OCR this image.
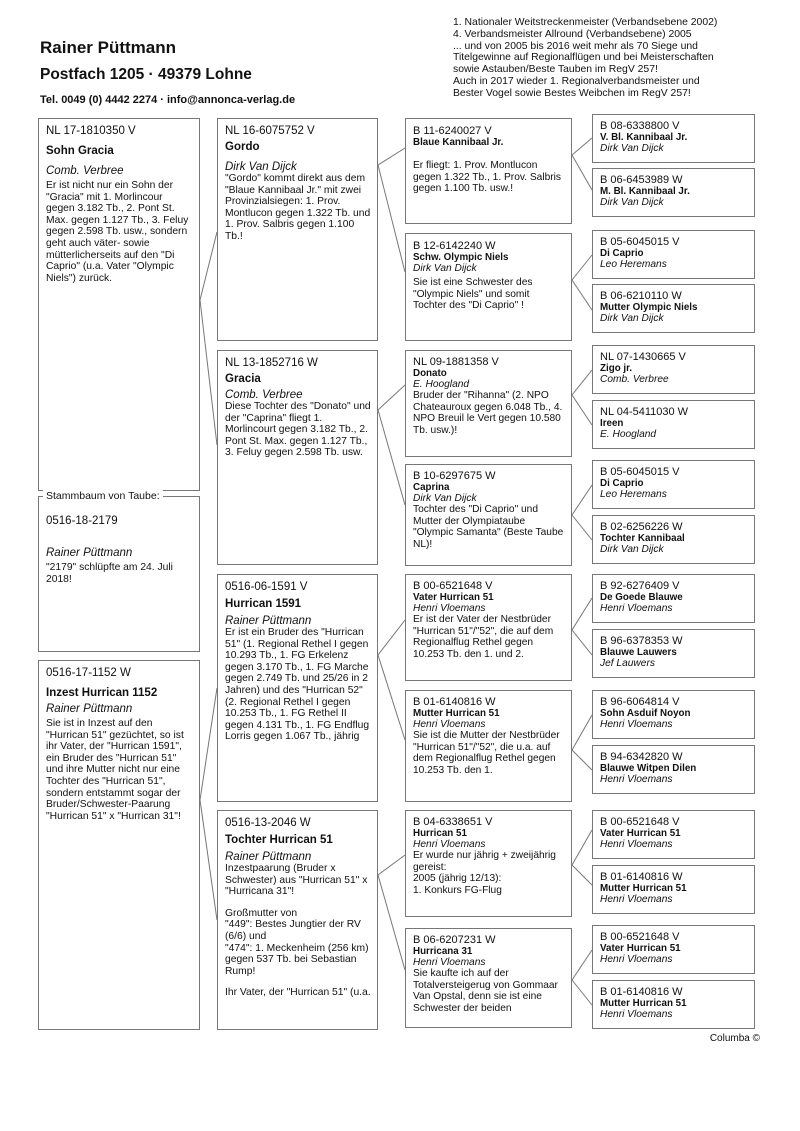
Rainer Püttmann
Postfach 1205 · 49379 Lohne
Tel. 0049 (0) 4442 2274 · info@annonca-verlag.de
1. Nationaler Weitstreckenmeister (Verbandsebene 2002)
4. Verbandsmeister Allround (Verbandsebene) 2005
... und von 2005 bis 2016 weit mehr als 70 Siege und
Titelgewinne auf Regionalflügen und bei Meisterschaften
sowie Astauben/Beste Tauben im RegV 257!
Auch in 2017 wieder 1. Regionalverbandsmeister und
Bester Vogel sowie Bestes Weibchen im RegV 257!
NL 17-1810350 V
Sohn Gracia
Comb. Verbree
Er ist nicht nur ein Sohn der "Gracia" mit 1. Morlincour gegen 3.182 Tb., 2. Pont St. Max. gegen 1.127 Tb., 3. Feluy gegen 2.598 Tb. usw., sondern geht auch väter- sowie mütterlicherseits auf den "Di Caprio" (u.a. Vater "Olympic Niels") zurück.
0516-18-2179
Rainer Püttmann
"2179" schlüpfte am 24. Juli 2018!
Stammbaum von Taube:
0516-17-1152 W
Inzest Hurrican 1152
Rainer Püttmann
Sie ist in Inzest auf den "Hurrican 51" gezüchtet, so ist ihr Vater, der "Hurrican 1591", ein Bruder des "Hurrican 51" und ihre Mutter nicht nur eine Tochter des "Hurrican 51", sondern entstammt sogar der Bruder/Schwester-Paarung "Hurrican 51" x "Hurrican 31"!
NL 16-6075752 V
Gordo
Dirk Van Dijck
"Gordo" kommt direkt aus dem "Blaue Kannibaal Jr." mit zwei Provinzialsiegen: 1. Prov. Montlucon gegen 1.322 Tb. und 1. Prov. Salbris gegen 1.100 Tb.!
NL 13-1852716 W
Gracia
Comb. Verbree
Diese Tochter des "Donato" und der "Caprina" fliegt 1. Morlincourt gegen 3.182 Tb., 2. Pont St. Max. gegen 1.127 Tb., 3. Feluy gegen 2.598 Tb. usw.
0516-06-1591 V
Hurrican 1591
Rainer Püttmann
Er ist ein Bruder des "Hurrican 51" (1. Regional Rethel I gegen 10.293 Tb., 1. FG Erkelenz gegen 3.170 Tb., 1. FG Marche gegen 2.749 Tb. und 25/26 in 2 Jahren) und des "Hurrican 52" (2. Regional Rethel I gegen 10.253 Tb., 1. FG Rethel II gegen 4.131 Tb., 1. FG Endflug Lorris gegen 1.067 Tb., jährig
0516-13-2046 W
Tochter Hurrican 51
Rainer Püttmann
Inzestpaarung (Bruder x Schwester) aus "Hurrican 51" x "Hurricana 31"!
Großmutter von
"449": Bestes Jungtier der RV (6/6) und
"474": 1. Meckenheim (256 km) gegen 537 Tb. bei Sebastian Rump!
Ihr Vater, der "Hurrican 51" (u.a.
B 11-6240027 V
Blaue Kannibaal Jr.
Er fliegt: 1. Prov. Montlucon gegen 1.322 Tb., 1. Prov. Salbris gegen 1.100 Tb. usw.!
B 12-6142240 W
Schw. Olympic Niels
Dirk Van Dijck
Sie ist eine Schwester des "Olympic Niels" und somit Tochter des "Di Caprio" !
NL 09-1881358 V
Donato
E. Hoogland
Bruder der "Rihanna" (2. NPO Chateauroux gegen 6.048 Tb., 4. NPO Breuil le Vert gegen 10.580 Tb. usw.)!
B 10-6297675 W
Caprina
Dirk Van Dijck
Tochter des "Di Caprio" und Mutter der Olympiataube "Olympic Samanta" (Beste Taube NL)!
B 00-6521648 V
Vater Hurrican 51
Henri Vloemans
Er ist der Vater der Nestbrüder "Hurrican 51"/"52", die auf dem Regionalflug Rethel gegen 10.253 Tb. den 1. und 2.
B 01-6140816 W
Mutter Hurrican 51
Henri Vloemans
Sie ist die Mutter der Nestbrüder "Hurrican 51"/"52", die u.a. auf dem Regionalflug Rethel gegen 10.253 Tb. den 1.
B 04-6338651 V
Hurrican 51
Henri Vloemans
Er wurde nur jährig + zweijährig gereist:
2005 (jährig 12/13):
1. Konkurs FG-Flug
B 06-6207231 W
Hurricana 31
Henri Vloemans
Sie kaufte ich auf der Totalversteigerug von Gommaar Van Opstal, denn sie ist eine Schwester der beiden
B 08-6338800 V
V. Bl. Kannibaal Jr.
Dirk Van Dijck
B 06-6453989 W
M. Bl. Kannibaal Jr.
Dirk Van Dijck
B 05-6045015 V
Di Caprio
Leo Heremans
B 06-6210110 W
Mutter Olympic Niels
Dirk Van Dijck
NL 07-1430665 V
Zigo jr.
Comb. Verbree
NL 04-5411030 W
Ireen
E. Hoogland
B 05-6045015 V
Di Caprio
Leo Heremans
B 02-6256226 W
Tochter Kannibaal
Dirk Van Dijck
B 92-6276409 V
De Goede Blauwe
Henri Vloemans
B 96-6378353 W
Blauwe Lauwers
Jef Lauwers
B 96-6064814 V
Sohn Asduif Noyon
Henri Vloemans
B 94-6342820 W
Blauwe Witpen Dilen
Henri Vloemans
B 00-6521648 V
Vater Hurrican 51
Henri Vloemans
B 01-6140816 W
Mutter Hurrican 51
Henri Vloemans
B 00-6521648 V
Vater Hurrican 51
Henri Vloemans
B 01-6140816 W
Mutter Hurrican 51
Henri Vloemans
Columba ©
